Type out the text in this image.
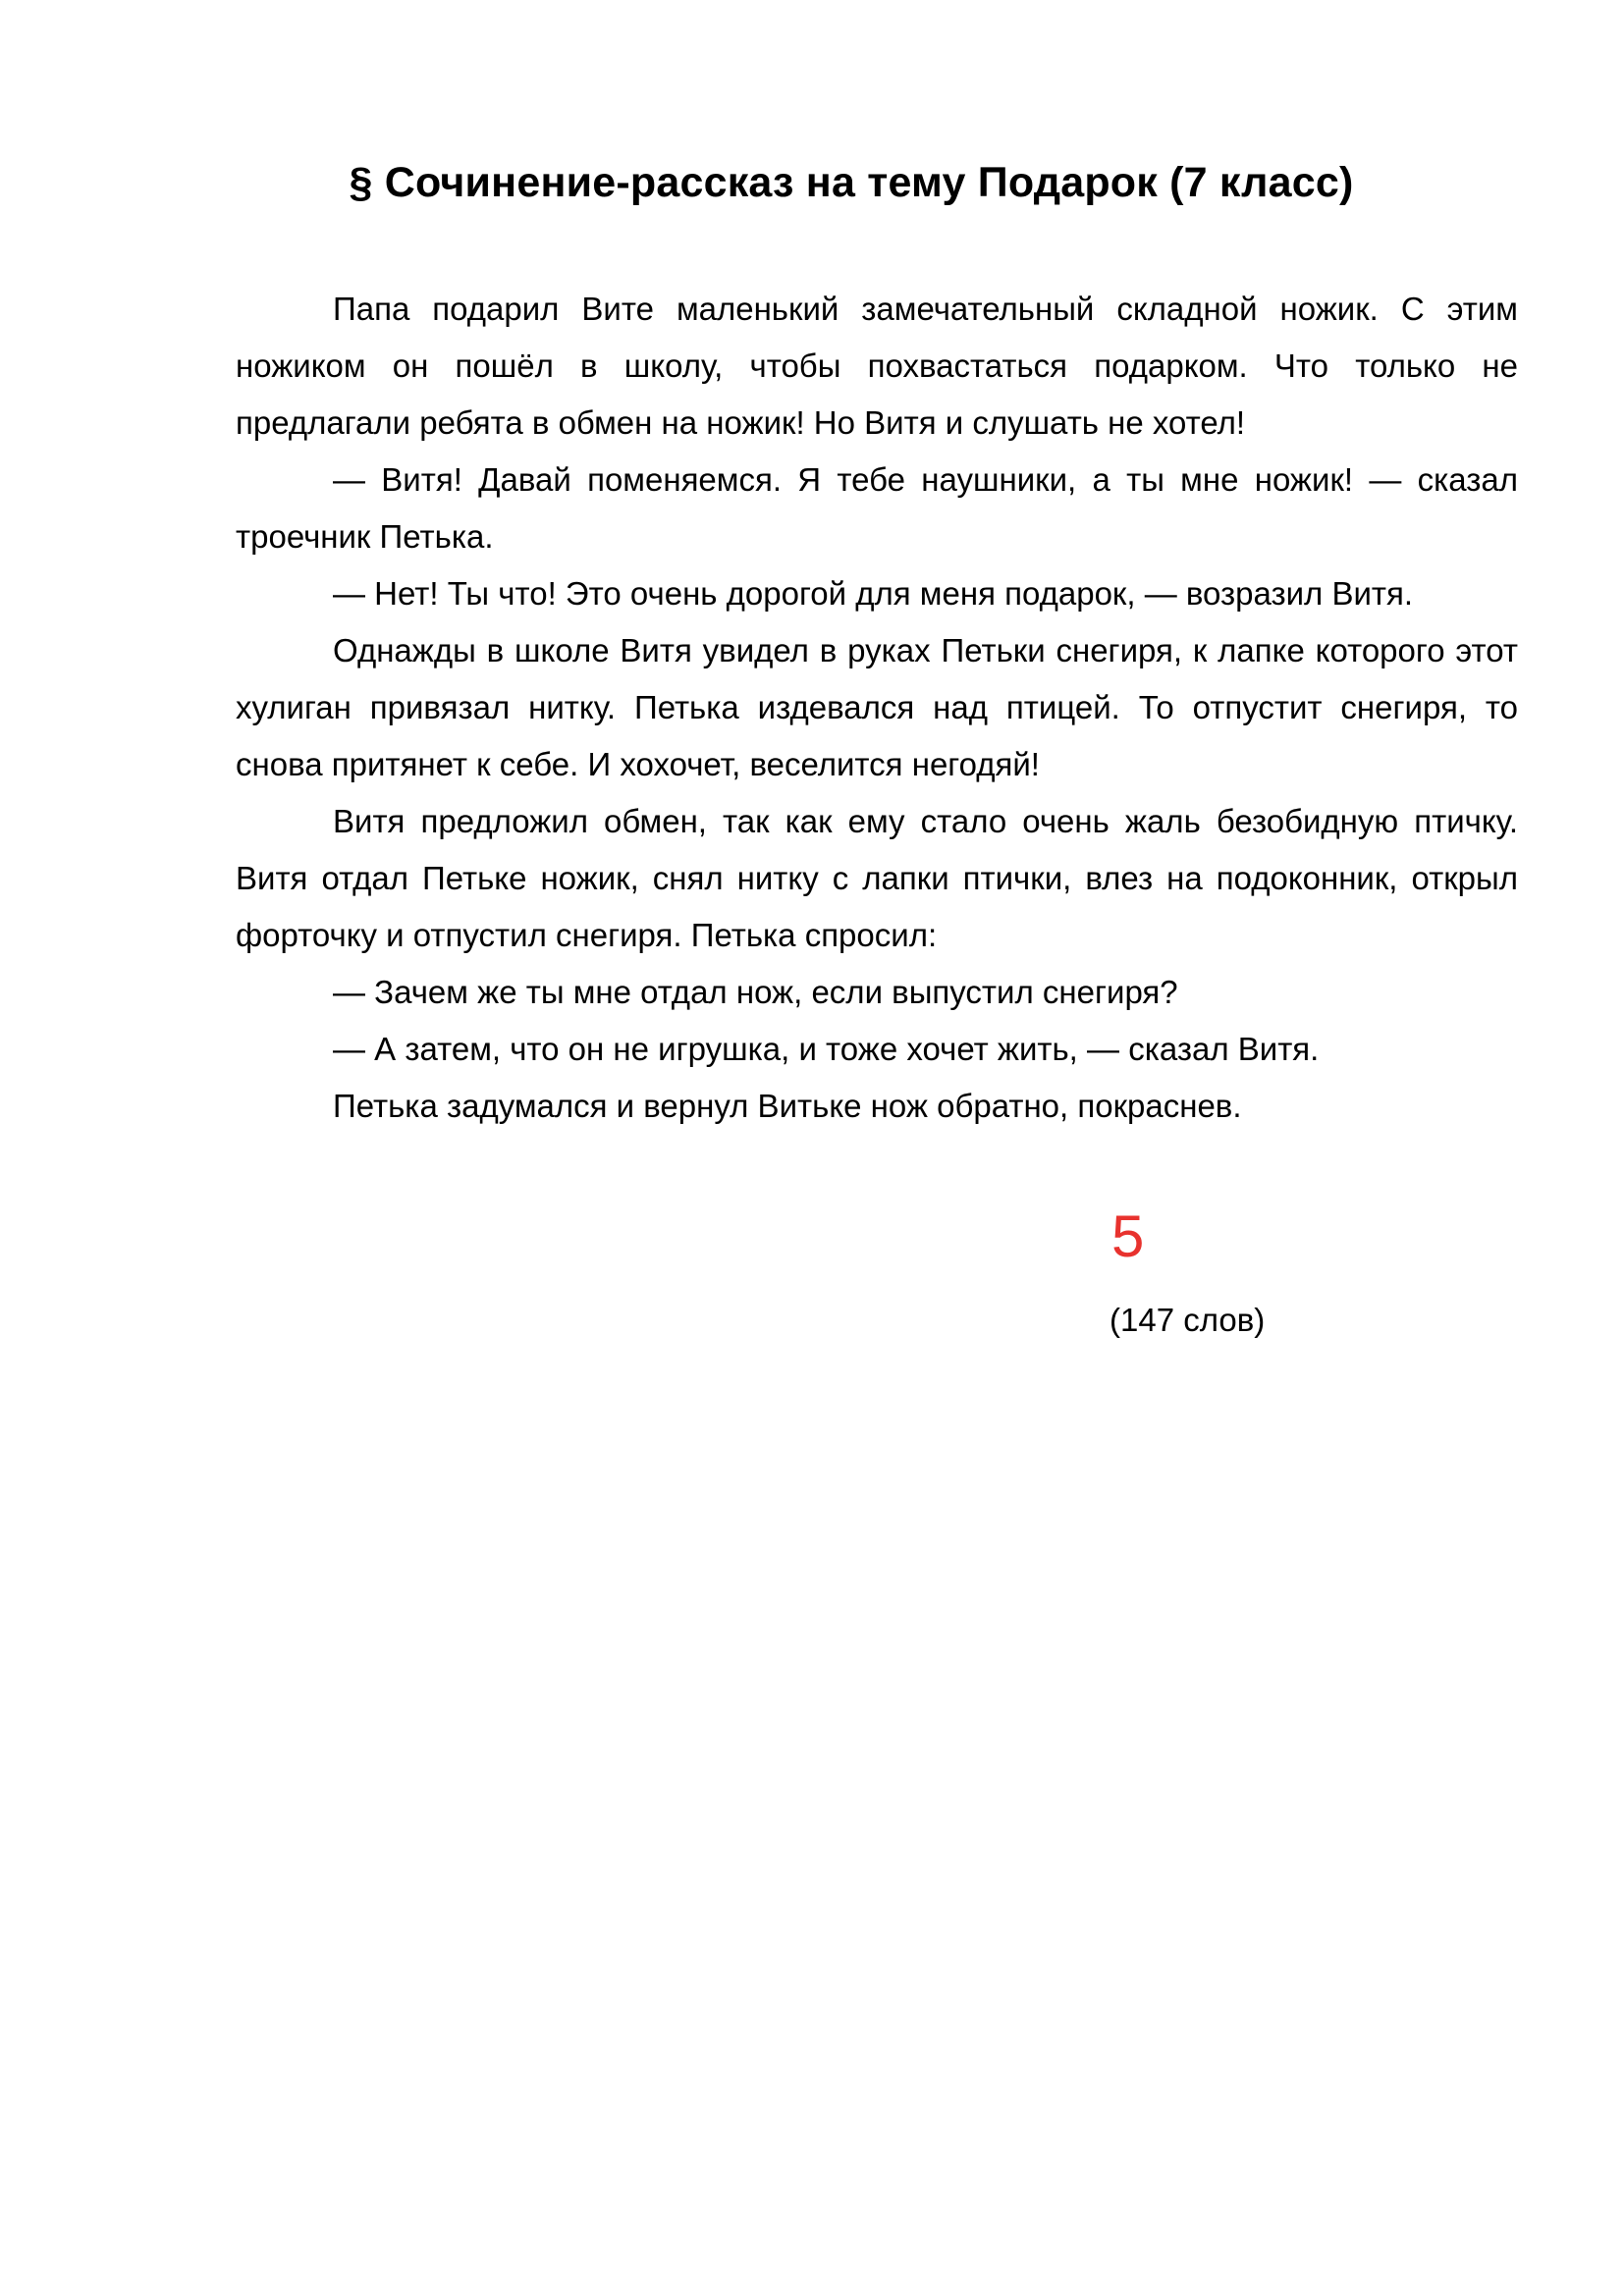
§ Сочинение-рассказ на тему Подарок (7 класс)

Папа подарил Вите маленький замечательный складной ножик. С этим ножиком он пошёл в школу, чтобы похвастаться подарком. Что только не предлагали ребята в обмен на ножик! Но Витя и слушать не хотел!

— Витя! Давай поменяемся. Я тебе наушники, а ты мне ножик! — сказал троечник Петька.

— Нет! Ты что! Это очень дорогой для меня подарок, — возразил Витя.

Однажды в школе Витя увидел в руках Петьки снегиря, к лапке которого этот хулиган привязал нитку. Петька издевался над птицей. То отпустит снегиря, то снова притянет к себе. И хохочет, веселится негодяй!

Витя предложил обмен, так как ему стало очень жаль безобидную птичку. Витя отдал Петьке ножик, снял нитку с лапки птички, влез на подоконник, открыл форточку и отпустил снегиря. Петька спросил:

— Зачем же ты мне отдал нож, если выпустил снегиря?

— А затем, что он не игрушка, и тоже хочет жить, — сказал Витя.

Петька задумался и вернул Витьке нож обратно, покраснев.

5
(147 слов)
